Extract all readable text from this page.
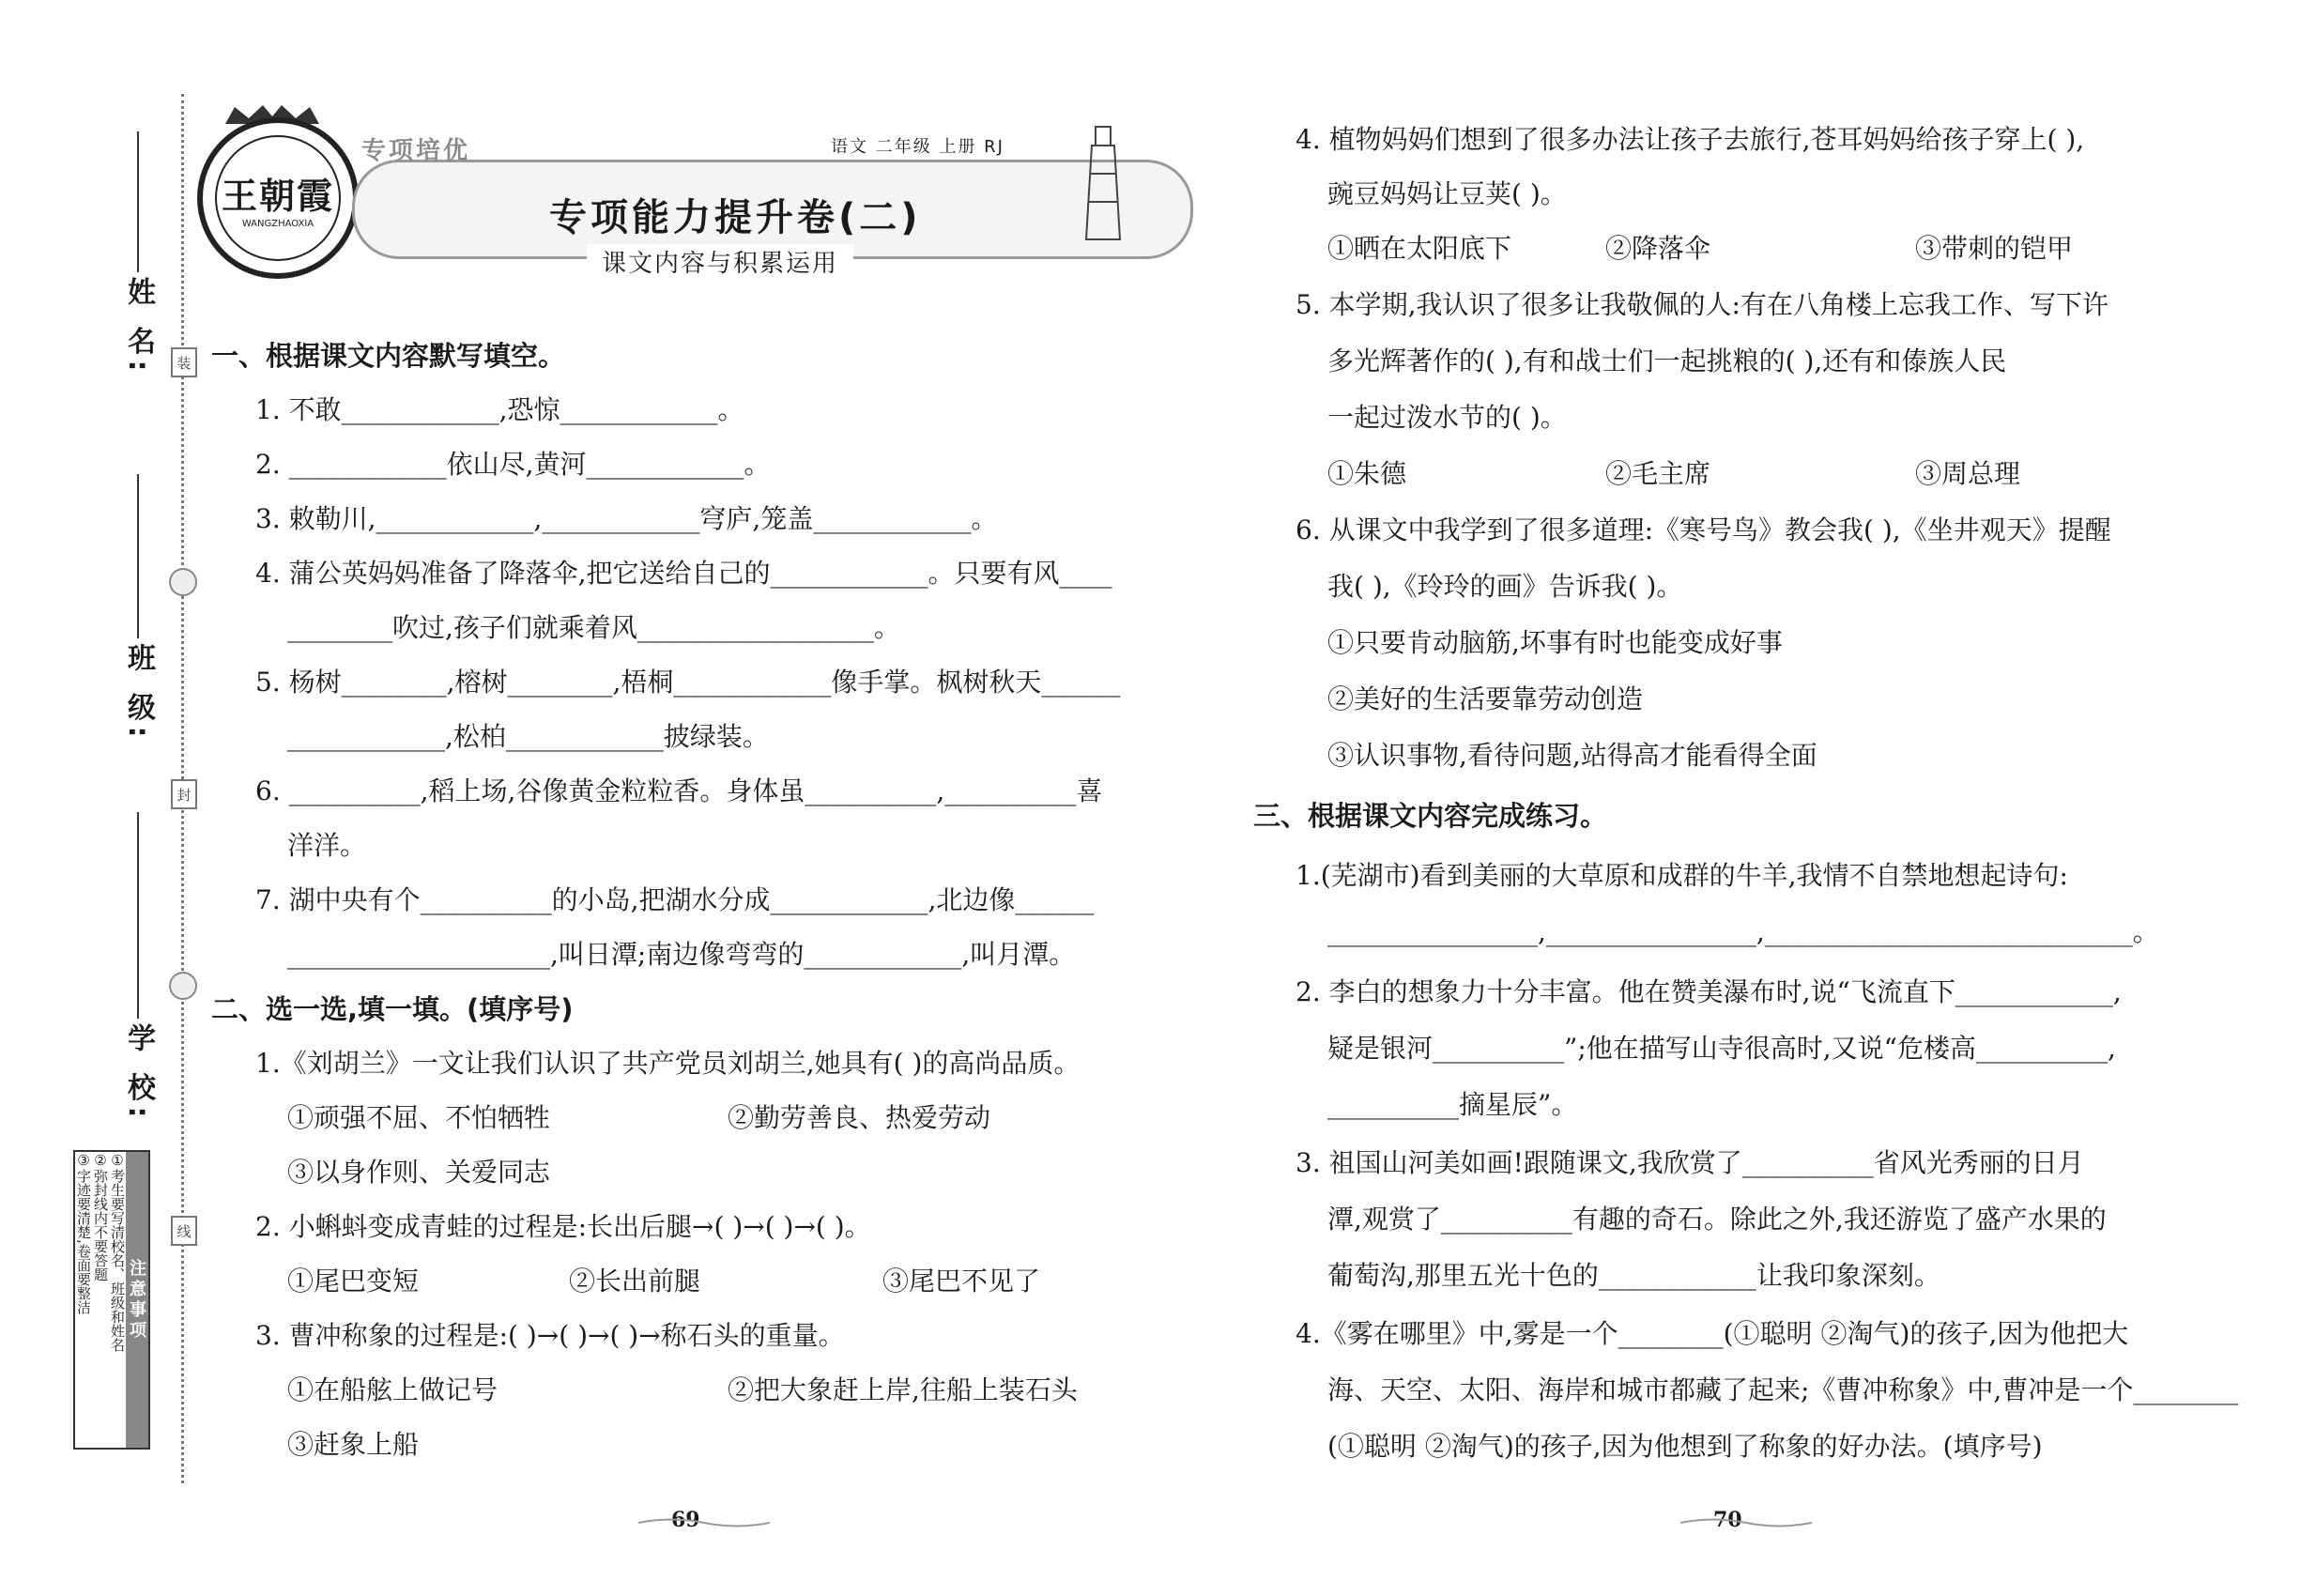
姓 名:
班 级:
学 校:
注意事项
①考生要写清校名、班级和姓名
②弥封线内不要答题
③字迹要清楚,卷面要整洁
装
封
线
王朝霞
WANGZHAOXIA
专项培优	语文 二年级 上册 RJ
专项能力提升卷(二)
课文内容与积累运用
一、根据课文内容默写填空。
1. 不敢____________,恐惊____________。
2. ____________依山尽,黄河____________。
3. 敕勒川,____________,____________穹庐,笼盖____________。
4. 蒲公英妈妈准备了降落伞,把它送给自己的____________。只要有风____
________吹过,孩子们就乘着风__________________。
5. 杨树________,榕树________,梧桐____________像手掌。枫树秋天______
____________,松柏____________披绿装。
6. __________,稻上场,谷像黄金粒粒香。身体虽__________,__________喜
洋洋。
7. 湖中央有个__________的小岛,把湖水分成____________,北边像______
____________________,叫日潭;南边像弯弯的____________,叫月潭。
二、选一选,填一填。(填序号)
1.《刘胡兰》一文让我们认识了共产党员刘胡兰,她具有( )的高尚品质。
①顽强不屈、不怕牺牲	②勤劳善良、热爱劳动
③以身作则、关爱同志
2. 小蝌蚪变成青蛙的过程是:长出后腿→( )→( )→( )。
①尾巴变短	②长出前腿	③尾巴不见了
3. 曹冲称象的过程是:( )→( )→( )→称石头的重量。
①在船舷上做记号	②把大象赶上岸,往船上装石头
③赶象上船
69
4. 植物妈妈们想到了很多办法让孩子去旅行,苍耳妈妈给孩子穿上( ),
豌豆妈妈让豆荚( )。
①晒在太阳底下	②降落伞	③带刺的铠甲
5. 本学期,我认识了很多让我敬佩的人:有在八角楼上忘我工作、写下许
多光辉著作的( ),有和战士们一起挑粮的( ),还有和傣族人民
一起过泼水节的( )。
①朱德	②毛主席	③周总理
6. 从课文中我学到了很多道理:《寒号鸟》教会我( ),《坐井观天》提醒
我( ),《玲玲的画》告诉我( )。
①只要肯动脑筋,坏事有时也能变成好事
②美好的生活要靠劳动创造
③认识事物,看待问题,站得高才能看得全面
三、根据课文内容完成练习。
1.(芜湖市)看到美丽的大草原和成群的牛羊,我情不自禁地想起诗句:
________________,________________,____________________________。
2. 李白的想象力十分丰富。他在赞美瀑布时,说“飞流直下____________,
疑是银河__________”;他在描写山寺很高时,又说“危楼高__________,
__________摘星辰”。
3. 祖国山河美如画!跟随课文,我欣赏了__________省风光秀丽的日月
潭,观赏了__________有趣的奇石。除此之外,我还游览了盛产水果的
葡萄沟,那里五光十色的____________让我印象深刻。
4.《雾在哪里》中,雾是一个________(①聪明 ②淘气)的孩子,因为他把大
海、天空、太阳、海岸和城市都藏了起来;《曹冲称象》中,曹冲是一个________
(①聪明 ②淘气)的孩子,因为他想到了称象的好办法。(填序号)
70
